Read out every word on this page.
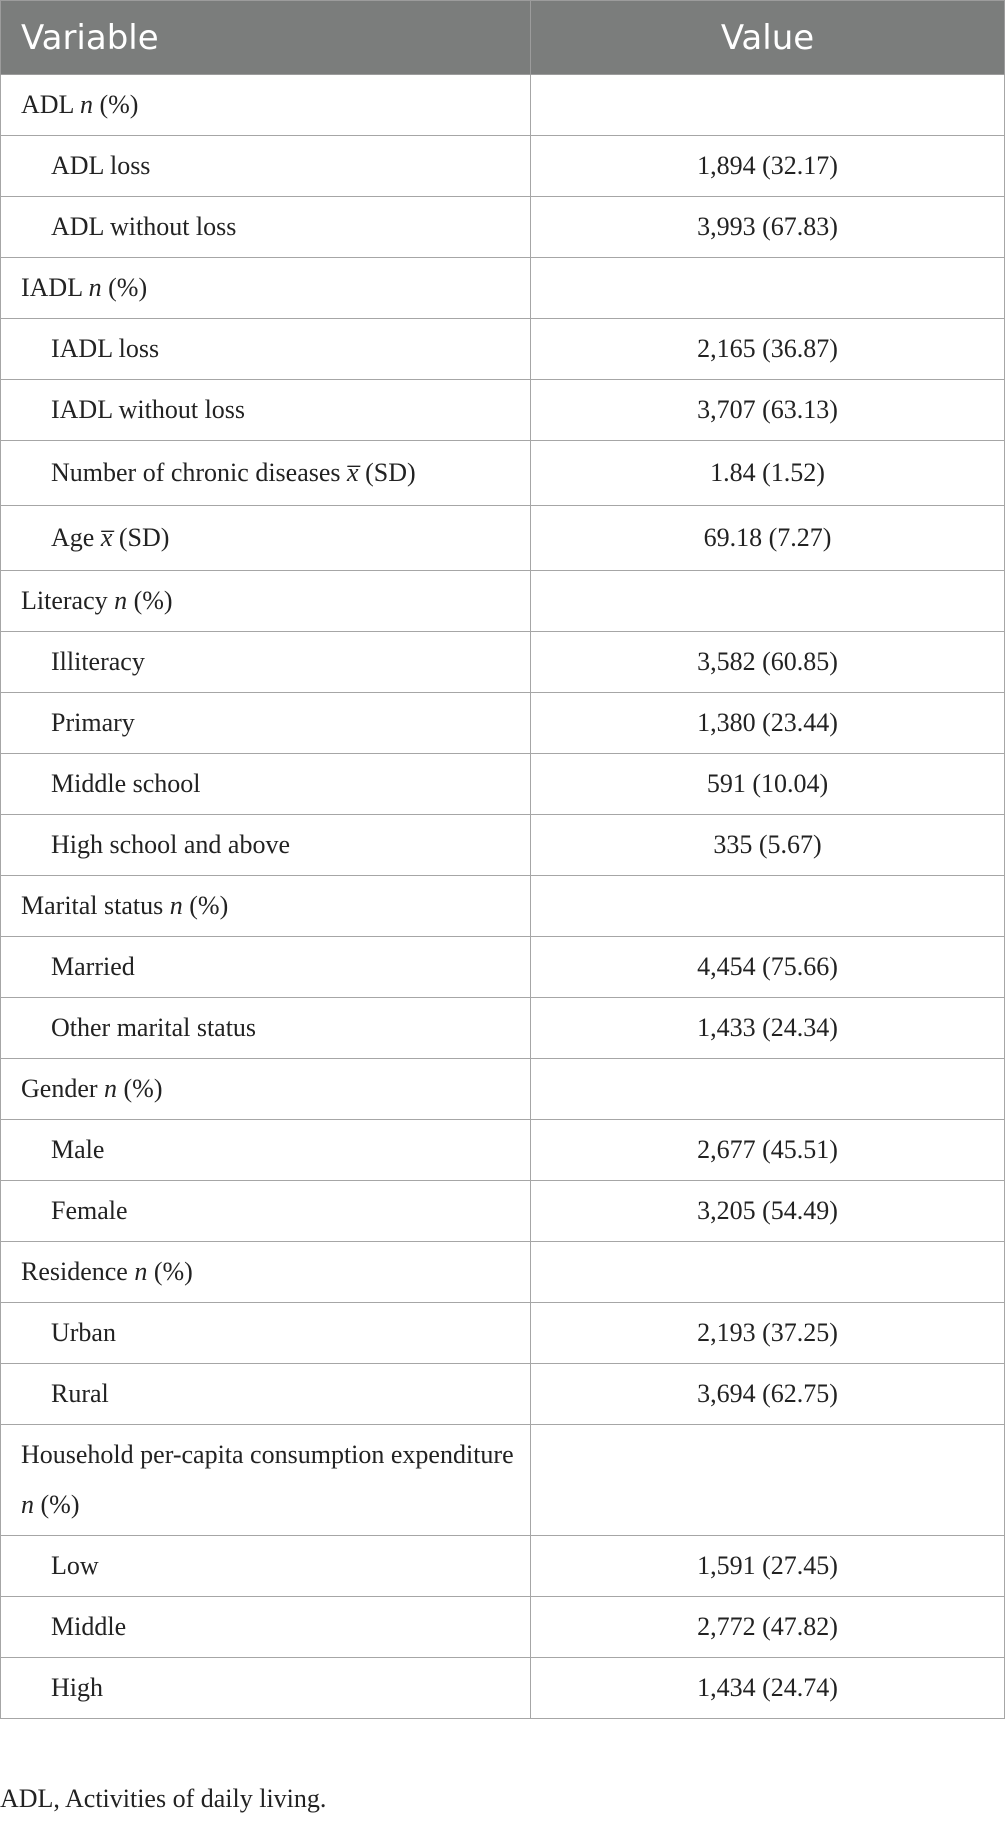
Variable	Value
ADL n (%)	
ADL loss	1,894 (32.17)
ADL without loss	3,993 (67.83)
IADL n (%)	
IADL loss	2,165 (36.87)
IADL without loss	3,707 (63.13)
Number of chronic diseases x̅ (SD)	1.84 (1.52)
Age x̅ (SD)	69.18 (7.27)
Literacy n (%)	
Illiteracy	3,582 (60.85)
Primary	1,380 (23.44)
Middle school	591 (10.04)
High school and above	335 (5.67)
Marital status n (%)	
Married	4,454 (75.66)
Other marital status	1,433 (24.34)
Gender n (%)	
Male	2,677 (45.51)
Female	3,205 (54.49)
Residence n (%)	
Urban	2,193 (37.25)
Rural	3,694 (62.75)
Household per-capita consumption expenditure n (%)	
Low	1,591 (27.45)
Middle	2,772 (47.82)
High	1,434 (24.74)
ADL, Activities of daily living.
